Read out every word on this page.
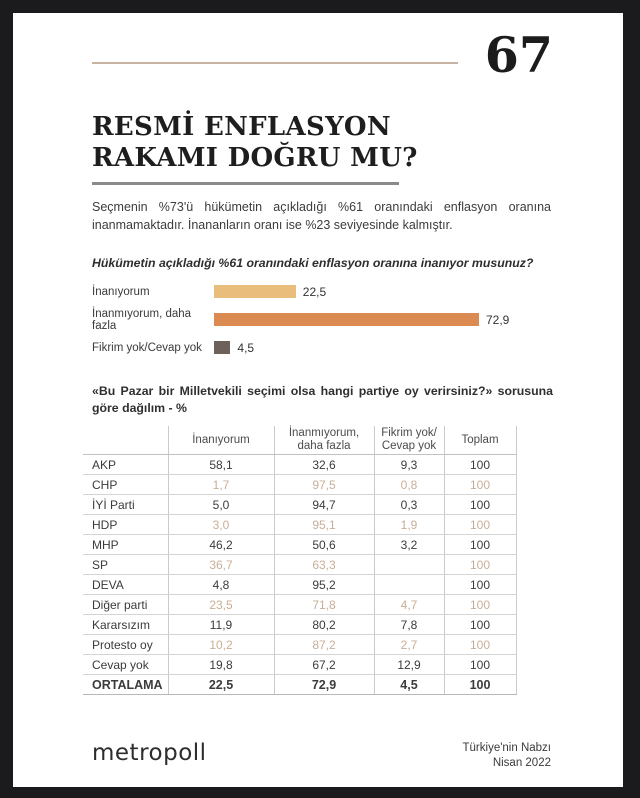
67
RESMİ ENFLASYON
RAKAMI DOĞRU MU?
Seçmenin %73'ü hükümetin açıkladığı %61 oranındaki enflasyon oranına inanmamaktadır. İnananların oranı ise %23 seviyesinde kalmıştır.
Hükümetin açıkladığı %61 oranındaki enflasyon oranına inanıyor musunuz?
İnanıyorum	22,5
İnanmıyorum, daha fazla	72,9
Fikrim yok/Cevap yok	4,5
«Bu Pazar bir Milletvekili seçimi olsa hangi partiye oy verirsiniz?» sorusuna göre dağılım - %
	İnanıyorum	İnanmıyorum, daha fazla	Fikrim yok/ Cevap yok	Toplam
AKP	58,1	32,6	9,3	100
CHP	1,7	97,5	0,8	100
İYİ Parti	5,0	94,7	0,3	100
HDP	3,0	95,1	1,9	100
MHP	46,2	50,6	3,2	100
SP	36,7	63,3		100
DEVA	4,8	95,2		100
Diğer parti	23,5	71,8	4,7	100
Kararsızım	11,9	80,2	7,8	100
Protesto oy	10,2	87,2	2,7	100
Cevap yok	19,8	67,2	12,9	100
ORTALAMA	22,5	72,9	4,5	100
metropoll	Türkiye'nin Nabzı
Nisan 2022
